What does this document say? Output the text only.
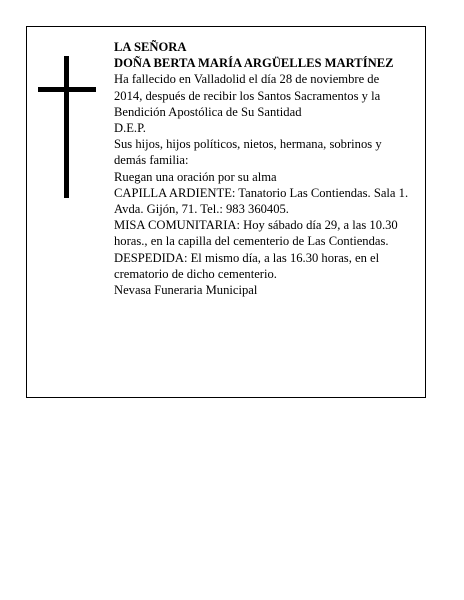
LA SEÑORA

DOÑA BERTA MARÍA ARGÜELLES MARTÍNEZ

Ha fallecido en Valladolid el día 28 de noviembre de 2014, después de recibir los Santos Sacramentos y la Bendición Apostólica de Su Santidad

D.E.P.

Sus hijos, hijos políticos, nietos, hermana, sobrinos y demás familia:

Ruegan una oración por su alma

CAPILLA ARDIENTE: Tanatorio Las Contiendas. Sala 1. Avda. Gijón, 71. Tel.: 983 360405.

MISA COMUNITARIA: Hoy sábado día 29, a las 10.30 horas., en la capilla del cementerio de Las Contiendas.

DESPEDIDA: El mismo día, a las 16.30 horas, en el crematorio de dicho cementerio.

Nevasa Funeraria Municipal
